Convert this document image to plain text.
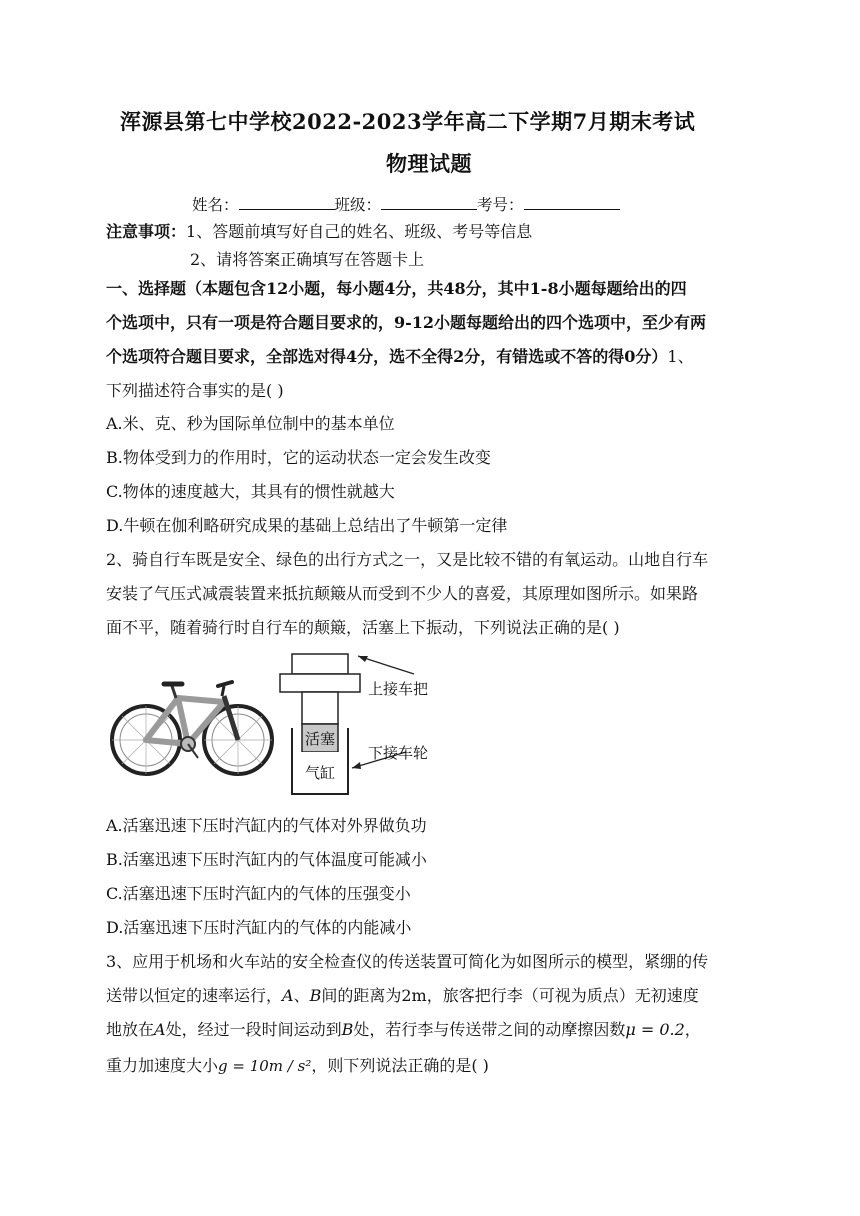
浑源县第七中学校2022-2023学年高二下学期7月期末考试
物理试题
姓名：	班级：	考号：
注意事项：1、答题前填写好自己的姓名、班级、考号等信息
2、请将答案正确填写在答题卡上
一、选择题（本题包含12小题，每小题4分，共48分，其中1-8小题每题给出的四
个选项中，只有一项是符合题目要求的，9-12小题每题给出的四个选项中，至少有两
个选项符合题目要求，全部选对得4分，选不全得2分，有错选或不答的得0分）1、
下列描述符合事实的是( )
A.米、克、秒为国际单位制中的基本单位
B.物体受到力的作用时，它的运动状态一定会发生改变
C.物体的速度越大，其具有的惯性就越大
D.牛顿在伽利略研究成果的基础上总结出了牛顿第一定律
2、骑自行车既是安全、绿色的出行方式之一，又是比较不错的有氧运动。山地自行车
安装了气压式减震装置来抵抗颠簸从而受到不少人的喜爱，其原理如图所示。如果路
面不平，随着骑行时自行车的颠簸，活塞上下振动，下列说法正确的是( )
活塞
气缸
上接车把
下接车轮
A.活塞迅速下压时汽缸内的气体对外界做负功
B.活塞迅速下压时汽缸内的气体温度可能减小
C.活塞迅速下压时汽缸内的气体的压强变小
D.活塞迅速下压时汽缸内的气体的内能减小
3、应用于机场和火车站的安全检查仪的传送装置可简化为如图所示的模型，紧绷的传
送带以恒定的速率运行，A、B间的距离为2m，旅客把行李（可视为质点）无初速度
地放在A处，经过一段时间运动到B处，若行李与传送带之间的动摩擦因数μ = 0.2，
重力加速度大小g = 10m / s²，则下列说法正确的是( )
